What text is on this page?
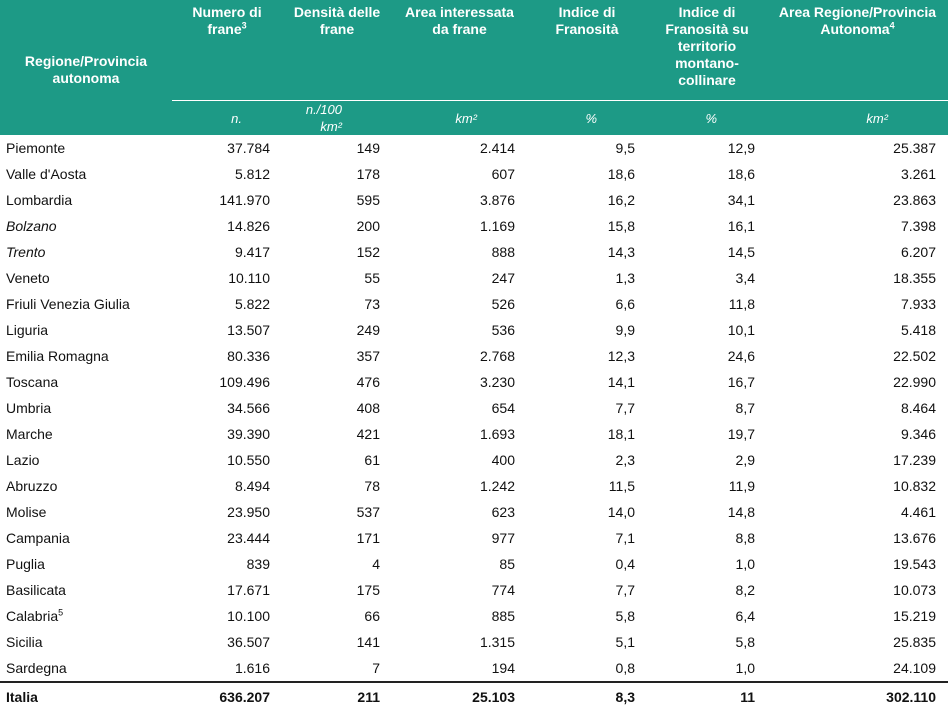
Regione/Provincia autonoma	Numero di frane$^3$	Densità delle frane	Area interessata da frane	Indice di Franosità	Indice di Franosità su territorio montano-collinare	Area Regione/Provincia Autonoma$^4$
	n.	n./100 km²	km²	%	%	km²
Piemonte	37.784	149	2.414	9,5	12,9	25.387
Valle d'Aosta	5.812	178	607	18,6	18,6	3.261
Lombardia	141.970	595	3.876	16,2	34,1	23.863
Bolzano	14.826	200	1.169	15,8	16,1	7.398
Trento	9.417	152	888	14,3	14,5	6.207
Veneto	10.110	55	247	1,3	3,4	18.355
Friuli Venezia Giulia	5.822	73	526	6,6	11,8	7.933
Liguria	13.507	249	536	9,9	10,1	5.418
Emilia Romagna	80.336	357	2.768	12,3	24,6	22.502
Toscana	109.496	476	3.230	14,1	16,7	22.990
Umbria	34.566	408	654	7,7	8,7	8.464
Marche	39.390	421	1.693	18,1	19,7	9.346
Lazio	10.550	61	400	2,3	2,9	17.239
Abruzzo	8.494	78	1.242	11,5	11,9	10.832
Molise	23.950	537	623	14,0	14,8	4.461
Campania	23.444	171	977	7,1	8,8	13.676
Puglia	839	4	85	0,4	1,0	19.543
Basilicata	17.671	175	774	7,7	8,2	10.073
Calabria$^5$	10.100	66	885	5,8	6,4	15.219
Sicilia	36.507	141	1.315	5,1	5,8	25.835
Sardegna	1.616	7	194	0,8	1,0	24.109
Italia	636.207	211	25.103	8,3	11	302.110
